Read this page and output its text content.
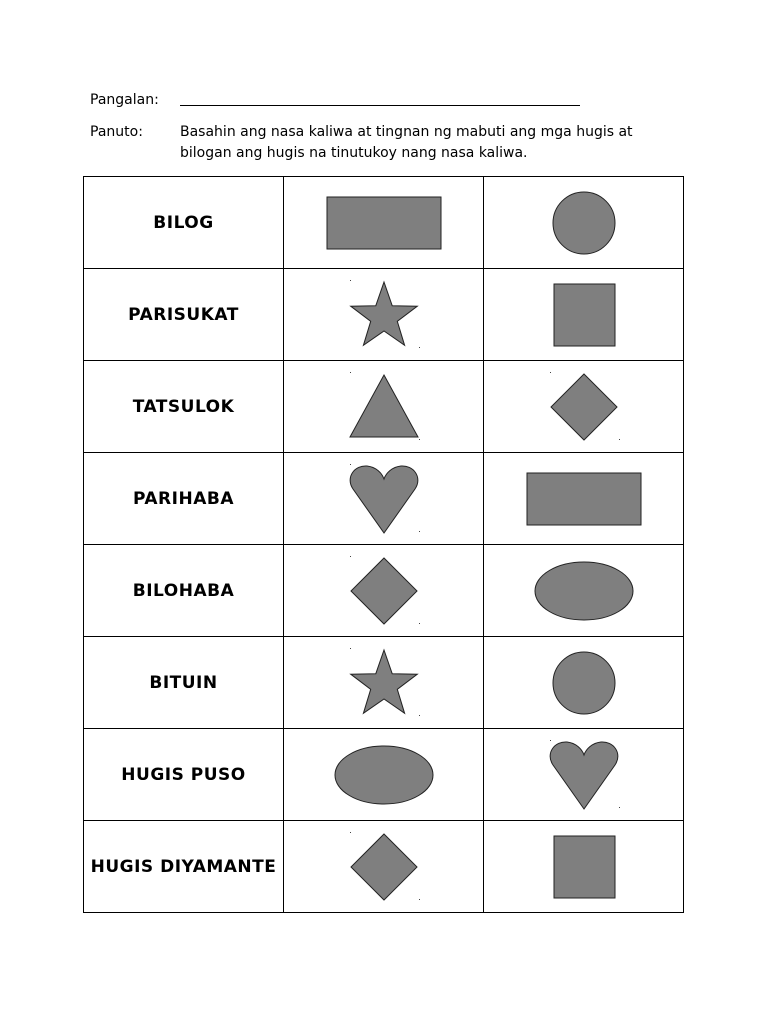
Pangalan:
Panuto:	Basahin ang nasa kaliwa at tingnan ng mabuti ang mga hugis at bilogan ang hugis na tinutukoy nang nasa kaliwa.
BILOG	

PARISUKAT	

TATSULOK	

PARIHABA	

BILOHABA	

BITUIN	

HUGIS PUSO	

HUGIS DIYAMANTE	
